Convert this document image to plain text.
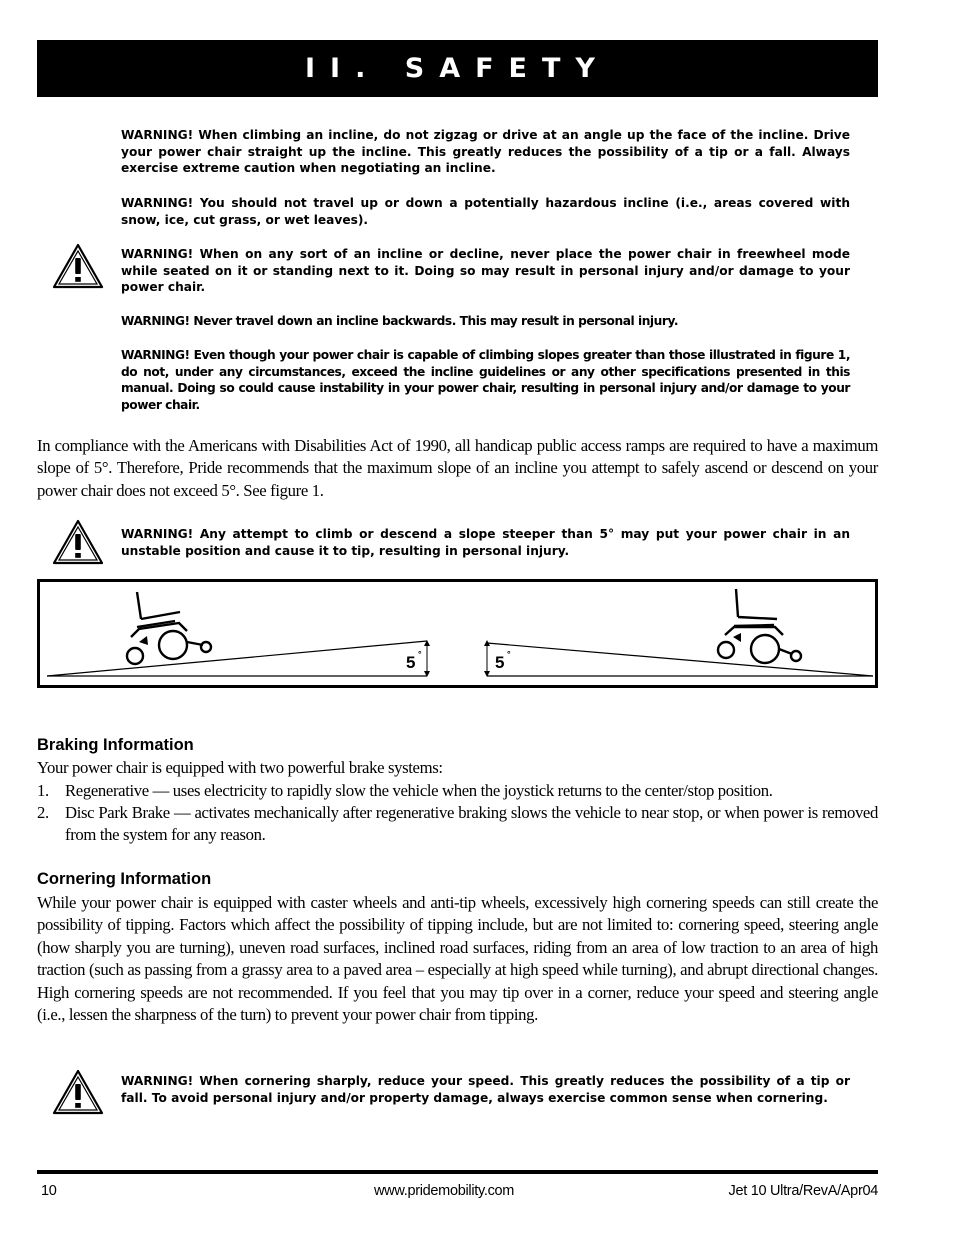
II. SAFETY
WARNING! When climbing an incline, do not zigzag or drive at an angle up the face of the incline. Drive your power chair straight up the incline. This greatly reduces the possibility of a tip or a fall. Always exercise extreme caution when negotiating an incline.
WARNING! You should not travel up or down a potentially hazardous incline (i.e., areas covered with snow, ice, cut grass, or wet leaves).
WARNING! When on any sort of an incline or decline, never place the power chair in freewheel mode while seated on it or standing next to it. Doing so may result in personal injury and/or damage to your power chair.
WARNING! Never travel down an incline backwards. This may result in personal injury.
WARNING! Even though your power chair is capable of climbing slopes greater than those illustrated in figure 1, do not, under any circumstances, exceed the incline guidelines or any other specifications presented in this manual. Doing so could cause instability in your power chair, resulting in personal injury and/or damage to your power chair.
In compliance with the Americans with Disabilities Act of 1990, all handicap public access ramps are required to have a maximum slope of 5°. Therefore, Pride recommends that the maximum slope of an incline you attempt to safely ascend or descend on your power chair does not exceed 5°. See figure 1.
WARNING! Any attempt to climb or descend a slope steeper than 5° may put your power chair in an unstable position and cause it to tip, resulting in personal injury.
5 °	5 °
Braking Information
Your power chair is equipped with two powerful brake systems:
1. Regenerative — uses electricity to rapidly slow the vehicle when the joystick returns to the center/stop position.
2. Disc Park Brake — activates mechanically after regenerative braking slows the vehicle to near stop, or when power is removed from the system for any reason.
Cornering Information
While your power chair is equipped with caster wheels and anti-tip wheels, excessively high cornering speeds can still create the possibility of tipping. Factors which affect the possibility of tipping include, but are not limited to: cornering speed, steering angle (how sharply you are turning), uneven road surfaces, inclined road surfaces, riding from an area of low traction to an area of high traction (such as passing from a grassy area to a paved area – especially at high speed while turning), and abrupt directional changes. High cornering speeds are not recommended. If you feel that you may tip over in a corner, reduce your speed and steering angle (i.e., lessen the sharpness of the turn) to prevent your power chair from tipping.
WARNING! When cornering sharply, reduce your speed. This greatly reduces the possibility of a tip or fall. To avoid personal injury and/or property damage, always exercise common sense when cornering.
10	www.pridemobility.com	Jet 10 Ultra/RevA/Apr04
